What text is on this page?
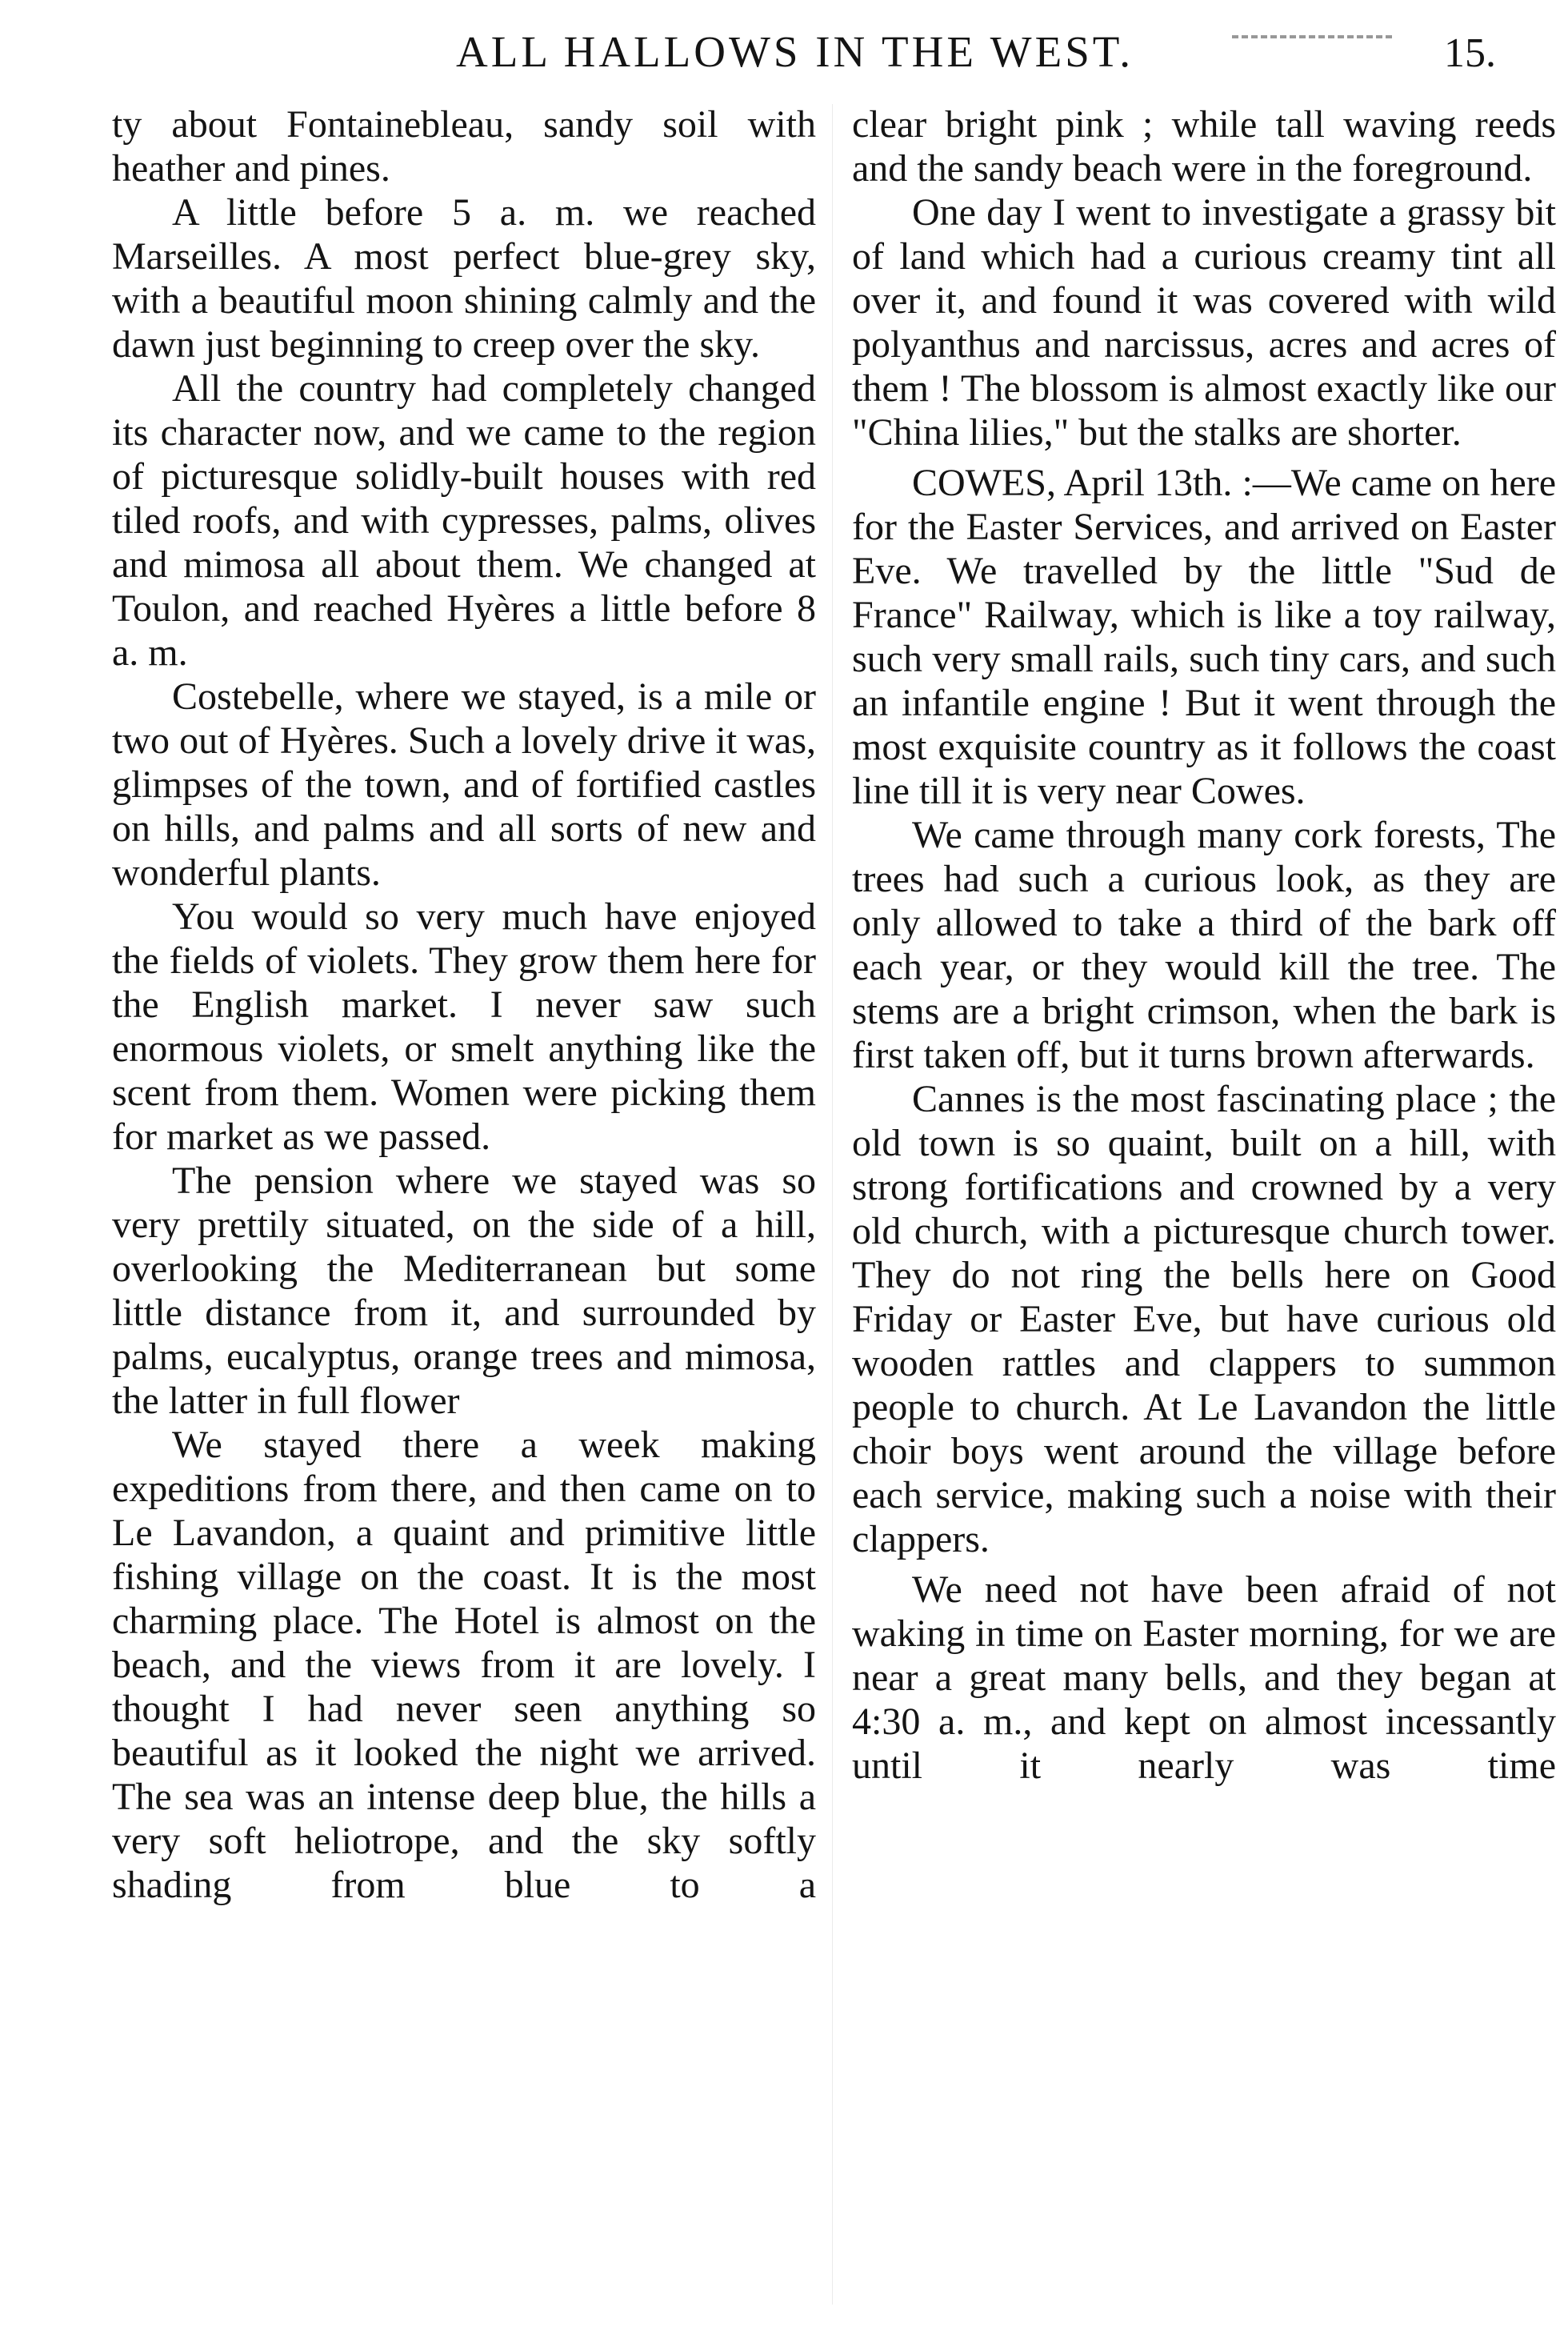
ALL HALLOWS IN THE WEST.	15.

ty about Fontainebleau, sandy soil with heather and pines.

A little before 5 a. m. we reached Marseilles. A most perfect blue-grey sky, with a beautiful moon shining calmly and the dawn just beginning to creep over the sky.

All the country had completely changed its character now, and we came to the region of picturesque solidly-built houses with red tiled roofs, and with cypresses, palms, olives and mimosa all about them. We changed at Toulon, and reached Hyères a little before 8 a. m.

Costebelle, where we stayed, is a mile or two out of Hyères. Such a lovely drive it was, glimpses of the town, and of fortified castles on hills, and palms and all sorts of new and wonderful plants.

You would so very much have enjoyed the fields of violets. They grow them here for the English market. I never saw such enormous violets, or smelt anything like the scent from them. Women were picking them for market as we passed.

The pension where we stayed was so very prettily situated, on the side of a hill, overlooking the Mediterranean but some little distance from it, and surrounded by palms, eucalyptus, orange trees and mimosa, the latter in full flower

We stayed there a week making expeditions from there, and then came on to Le Lavandon, a quaint and primitive little fishing village on the coast. It is the most charming place. The Hotel is almost on the beach, and the views from it are lovely. I thought I had never seen anything so beautiful as it looked the night we arrived. The sea was an intense deep blue, the hills a very soft heliotrope, and the sky softly shading from blue to a

clear bright pink ; while tall waving reeds and the sandy beach were in the foreground.

One day I went to investigate a grassy bit of land which had a curious creamy tint all over it, and found it was covered with wild polyanthus and narcissus, acres and acres of them ! The blossom is almost exactly like our "China lilies," but the stalks are shorter.

COWES, April 13th. :—We came on here for the Easter Services, and arrived on Easter Eve. We travelled by the little "Sud de France" Railway, which is like a toy railway, such very small rails, such tiny cars, and such an infantile engine ! But it went through the most exquisite country as it follows the coast line till it is very near Cowes.

We came through many cork forests, The trees had such a curious look, as they are only allowed to take a third of the bark off each year, or they would kill the tree. The stems are a bright crimson, when the bark is first taken off, but it turns brown afterwards.

Cannes is the most fascinating place ; the old town is so quaint, built on a hill, with strong fortifications and crowned by a very old church, with a picturesque church tower. They do not ring the bells here on Good Friday or Easter Eve, but have curious old wooden rattles and clappers to summon people to church. At Le Lavandon the little choir boys went around the village before each service, making such a noise with their clappers.

We need not have been afraid of not waking in time on Easter morning, for we are near a great many bells, and they began at 4:30 a. m., and kept on almost incessantly until it nearly was time
